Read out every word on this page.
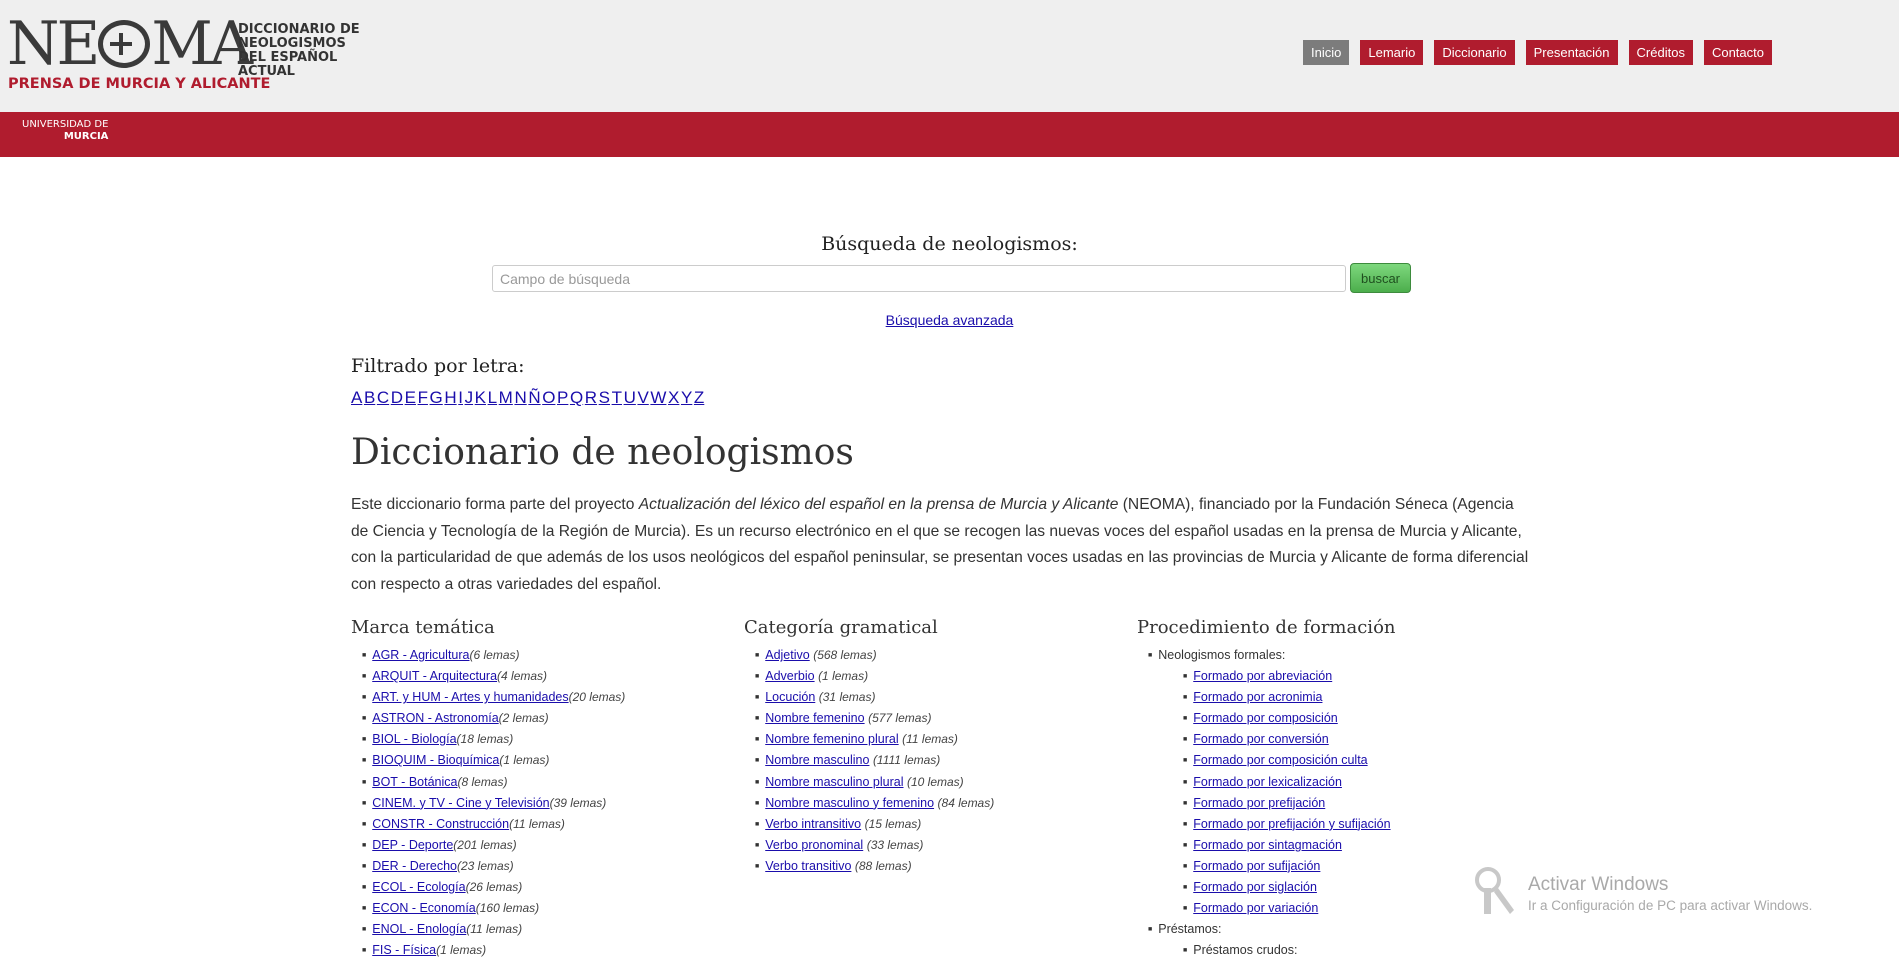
NE MA
DICCIONARIO DE NEOLOGISMOS DEL ESPAÑOL ACTUAL
PRENSA DE MURCIA Y ALICANTE
Inicio	Lemario	Diccionario	Presentación	Créditos	Contacto
UNIVERSIDAD DE
MURCIA
Búsqueda de neologismos:
Campo de búsqueda
buscar
Búsqueda avanzada
Filtrado por letra:
ABCDEFGHIJKLMNÑOPQRSTUVWXYZ
Diccionario de neologismos

Este diccionario forma parte del proyecto Actualización del léxico del español en la prensa de Murcia y Alicante (NEOMA), financiado por la Fundación Séneca (Agencia de Ciencia y Tecnología de la Región de Murcia). Es un recurso electrónico en el que se recogen las nuevas voces del español usadas en la prensa de Murcia y Alicante, con la particularidad de que además de los usos neológicos del español peninsular, se presentan voces usadas en las provincias de Murcia y Alicante de forma diferencial con respecto a otras variedades del español.

Marca temática
■ AGR - Agricultura(6 lemas)
■ ARQUIT - Arquitectura(4 lemas)
■ ART. y HUM - Artes y humanidades(20 lemas)
■ ASTRON - Astronomía(2 lemas)
■ BIOL - Biología(18 lemas)
■ BIOQUIM - Bioquímica(1 lemas)
■ BOT - Botánica(8 lemas)
■ CINEM. y TV - Cine y Televisión(39 lemas)
■ CONSTR - Construcción(11 lemas)
■ DEP - Deporte(201 lemas)
■ DER - Derecho(23 lemas)
■ ECOL - Ecología(26 lemas)
■ ECON - Economía(160 lemas)
■ ENOL - Enología(11 lemas)
■ FIS - Física(1 lemas)
Categoría gramatical
■ Adjetivo (568 lemas)
■ Adverbio (1 lemas)
■ Locución (31 lemas)
■ Nombre femenino (577 lemas)
■ Nombre femenino plural (11 lemas)
■ Nombre masculino (1111 lemas)
■ Nombre masculino plural (10 lemas)
■ Nombre masculino y femenino (84 lemas)
■ Verbo intransitivo (15 lemas)
■ Verbo pronominal (33 lemas)
■ Verbo transitivo (88 lemas)
Procedimiento de formación
■ Neologismos formales:
■ Formado por abreviación
■ Formado por acronimia
■ Formado por composición
■ Formado por conversión
■ Formado por composición culta
■ Formado por lexicalización
■ Formado por prefijación
■ Formado por prefijación y sufijación
■ Formado por sintagmación
■ Formado por sufijación
■ Formado por siglación
■ Formado por variación
■ Préstamos:
■ Préstamos crudos:
Activar Windows
Ir a Configuración de PC para activar Windows.
